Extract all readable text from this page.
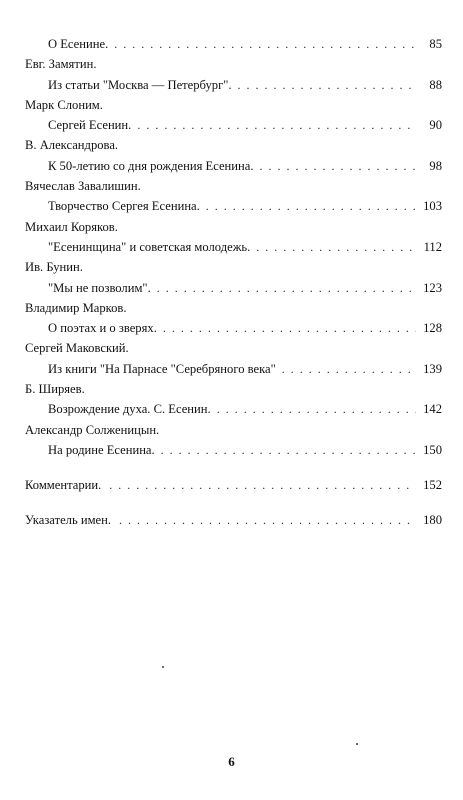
О Есенине. . . .	85
Евг. Замятин.
Из статьи "Москва — Петербург". . . .	88
Марк Слоним.
Сергей Есенин. . . .	90
В. Александрова.
К 50-летию со дня рождения Есенина. . . .	98
Вячеслав Завалишин.
Творчество Сергея Есенина. . . .	103
Михаил Коряков.
"Есенинщина" и советская молодежь. . . .	112
Ив. Бунин.
"Мы не позволим". . . .	123
Владимир Марков.
О поэтах и о зверях. . . .	128
Сергей Маковский.
Из книги "На Парнасе "Серебряного века" . . .	139
Б. Ширяев.
Возрождение духа. С. Есенин. . . .	142
Александр Солженицын.
На родине Есенина. . . .	150
Комментарии. . . .	152
Указатель имен. . . .	180
6
